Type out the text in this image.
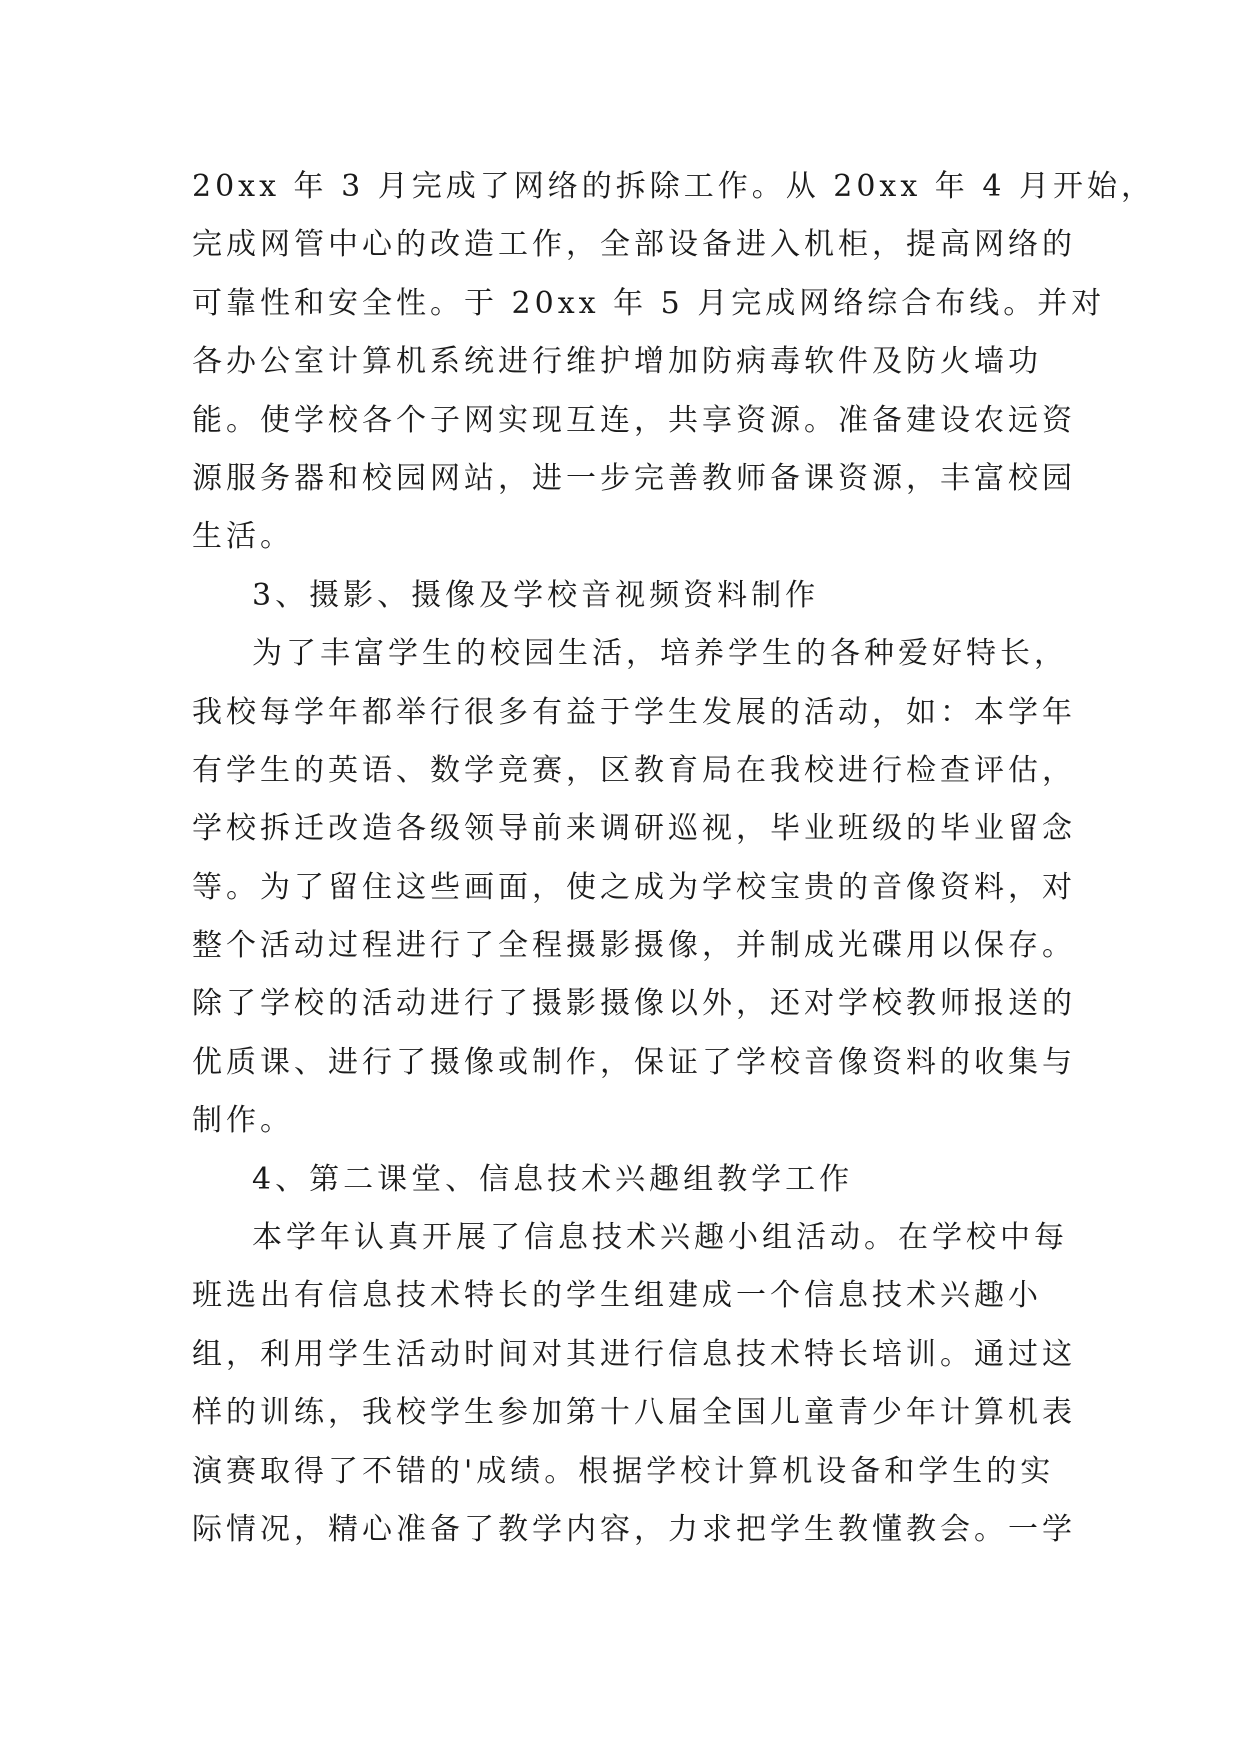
20xx 年 3 月完成了网络的拆除工作。从 20xx 年 4 月开始，
完成网管中心的改造工作，全部设备进入机柜，提高网络的
可靠性和安全性。于 20xx 年 5 月完成网络综合布线。并对
各办公室计算机系统进行维护增加防病毒软件及防火墙功
能。使学校各个子网实现互连，共享资源。准备建设农远资
源服务器和校园网站，进一步完善教师备课资源，丰富校园
生活。
3、摄影、摄像及学校音视频资料制作
为了丰富学生的校园生活，培养学生的各种爱好特长，
我校每学年都举行很多有益于学生发展的活动，如：本学年
有学生的英语、数学竞赛，区教育局在我校进行检查评估，
学校拆迁改造各级领导前来调研巡视，毕业班级的毕业留念
等。为了留住这些画面，使之成为学校宝贵的音像资料，对
整个活动过程进行了全程摄影摄像，并制成光碟用以保存。
除了学校的活动进行了摄影摄像以外，还对学校教师报送的
优质课、进行了摄像或制作，保证了学校音像资料的收集与
制作。
4、第二课堂、信息技术兴趣组教学工作
本学年认真开展了信息技术兴趣小组活动。在学校中每
班选出有信息技术特长的学生组建成一个信息技术兴趣小
组，利用学生活动时间对其进行信息技术特长培训。通过这
样的训练，我校学生参加第十八届全国儿童青少年计算机表
演赛取得了不错的'成绩。根据学校计算机设备和学生的实
际情况，精心准备了教学内容，力求把学生教懂教会。一学
